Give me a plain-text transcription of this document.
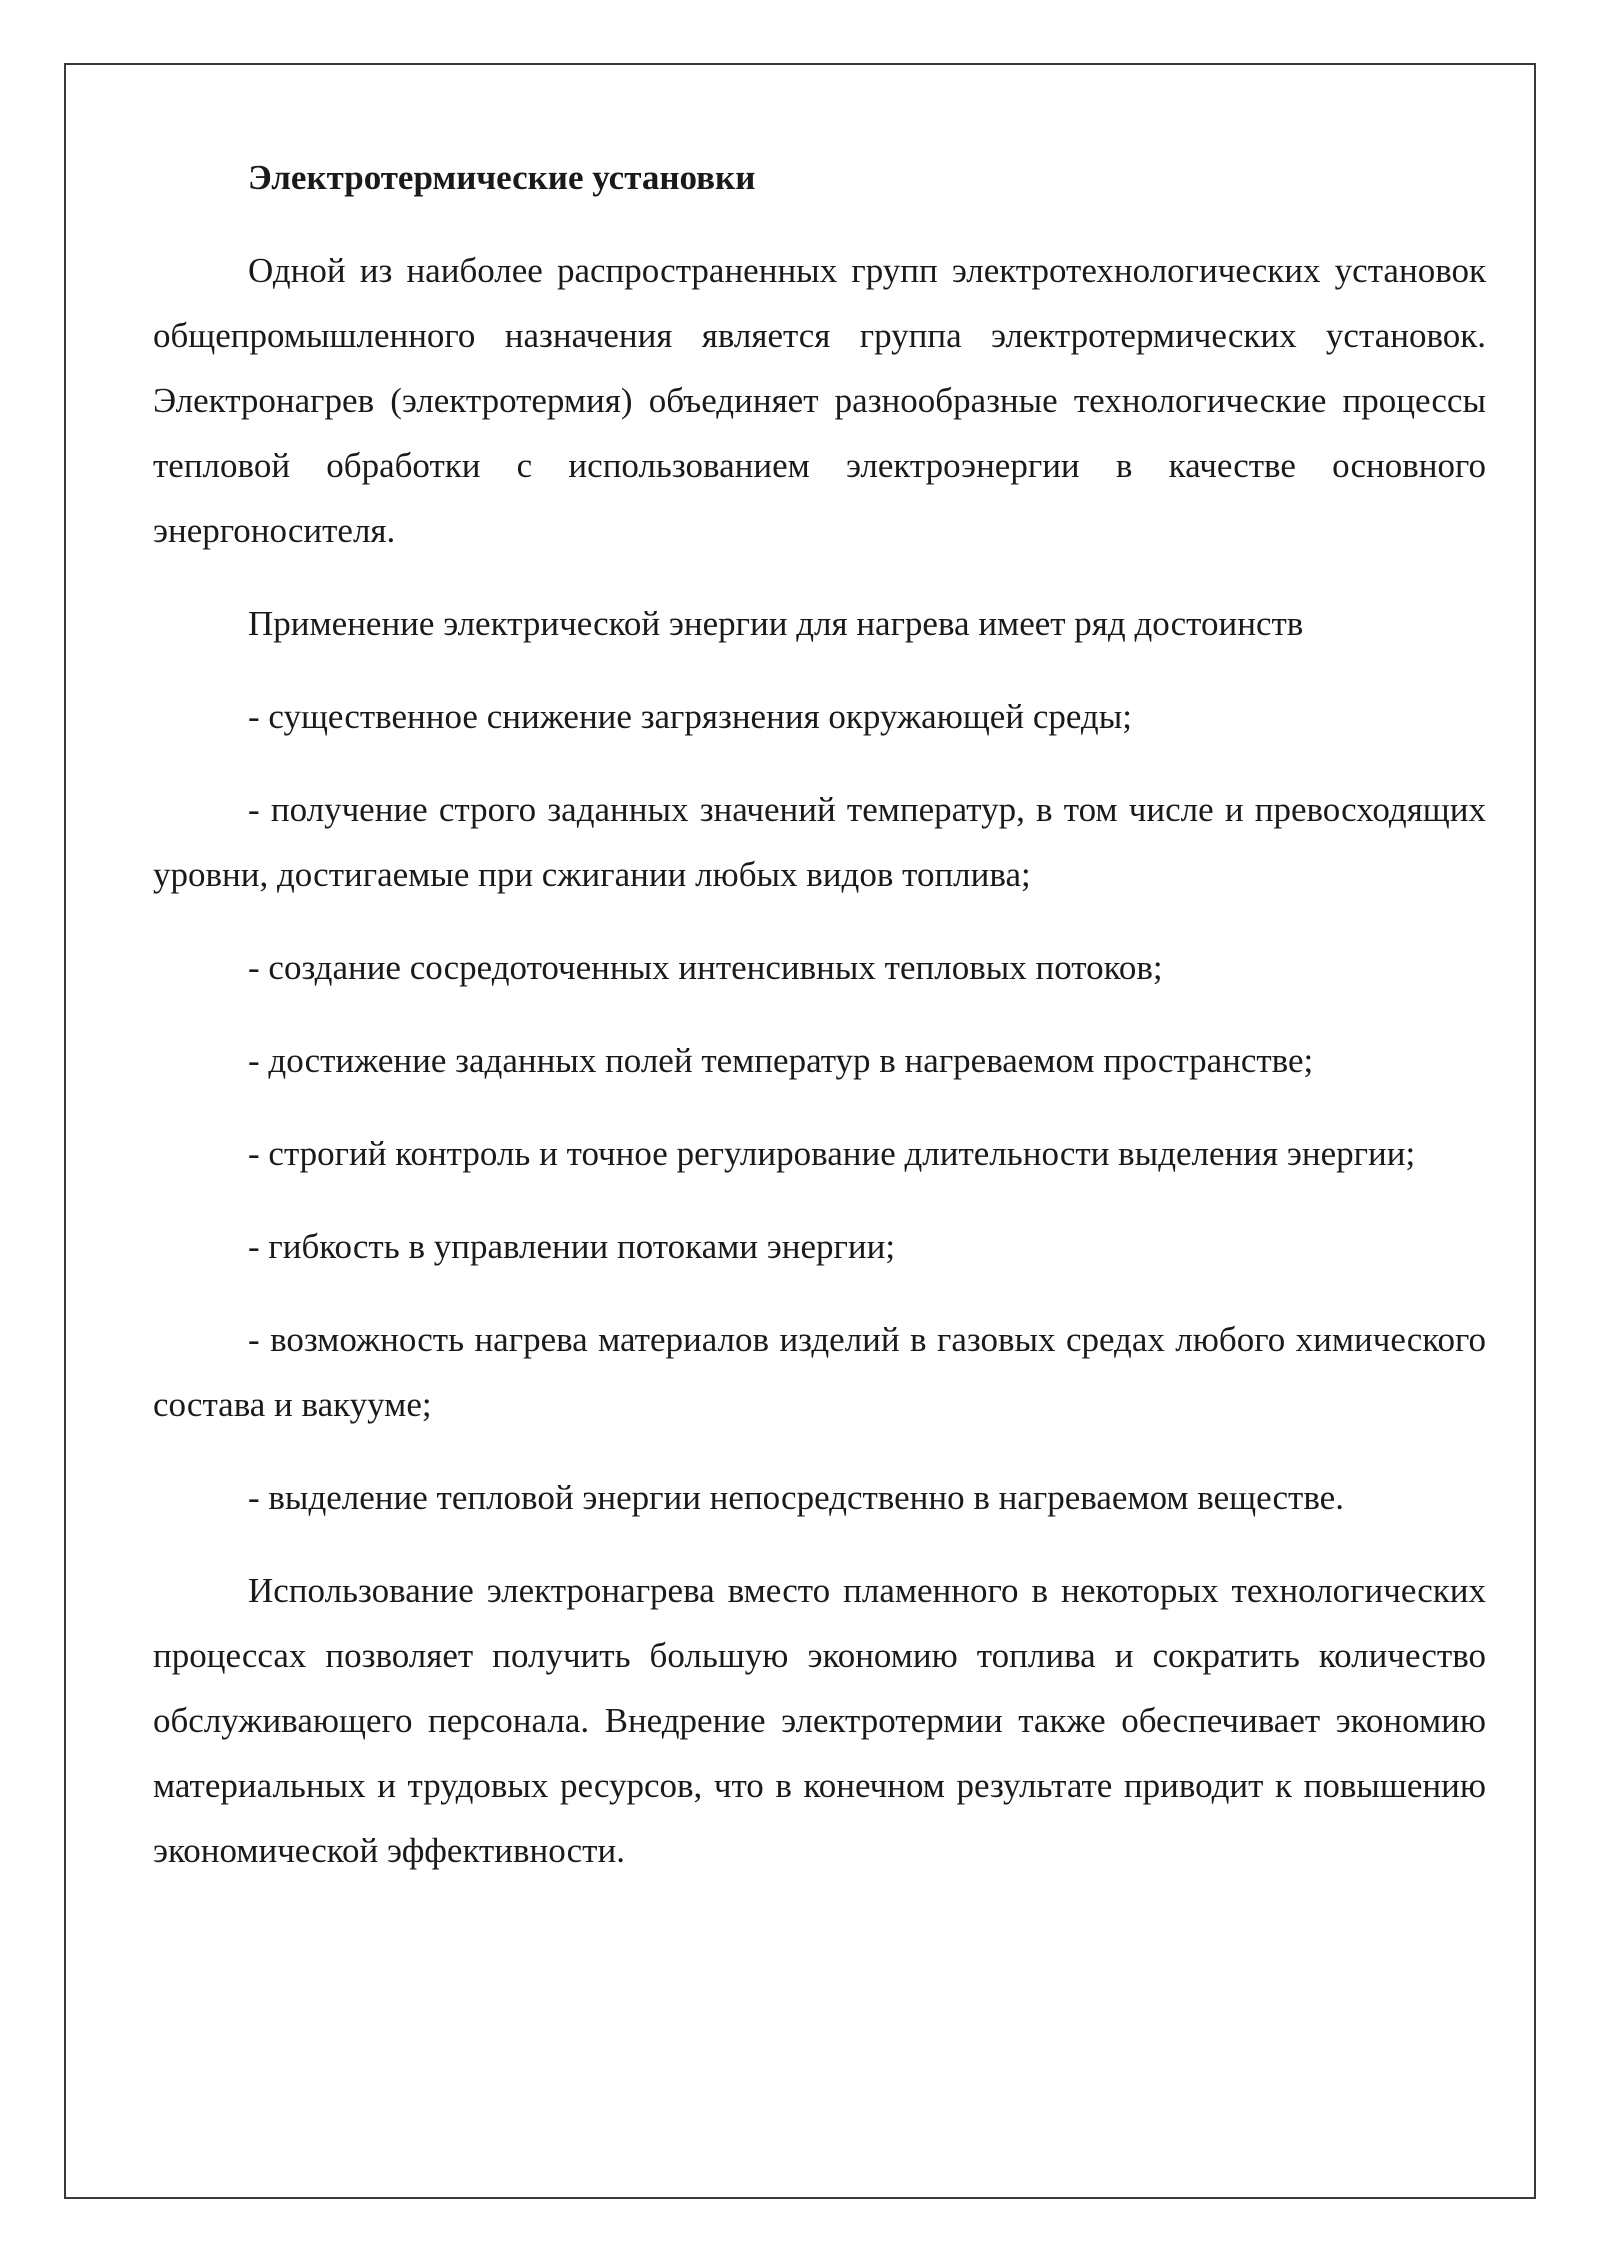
Электротермические установки

Одной из наиболее распространенных групп электротехнологических установок общепромышленного назначения является группа электротермических установок. Электронагрев (электротермия) объединяет разнообразные технологические процессы тепловой обработки с использованием электроэнергии в качестве основного энергоносителя.

Применение электрической энергии для нагрева имеет ряд достоинств

- существенное снижение загрязнения окружающей среды;

- получение строго заданных значений температур, в том числе и превосходящих уровни, достигаемые при сжигании любых видов топлива;

- создание сосредоточенных интенсивных тепловых потоков;

- достижение заданных полей температур в нагреваемом пространстве;

- строгий контроль и точное регулирование длительности выделения энергии;

- гибкость в управлении потоками энергии;

- возможность нагрева материалов изделий в газовых средах любого химического состава и вакууме;

- выделение тепловой энергии непосредственно в нагреваемом веществе.

Использование электронагрева вместо пламенного в некоторых технологических процессах позволяет получить большую экономию топлива и сократить количество обслуживающего персонала. Внедрение электротермии также обеспечивает экономию материальных и трудовых ресурсов, что в конечном результате приводит к повышению экономической эффективности.
